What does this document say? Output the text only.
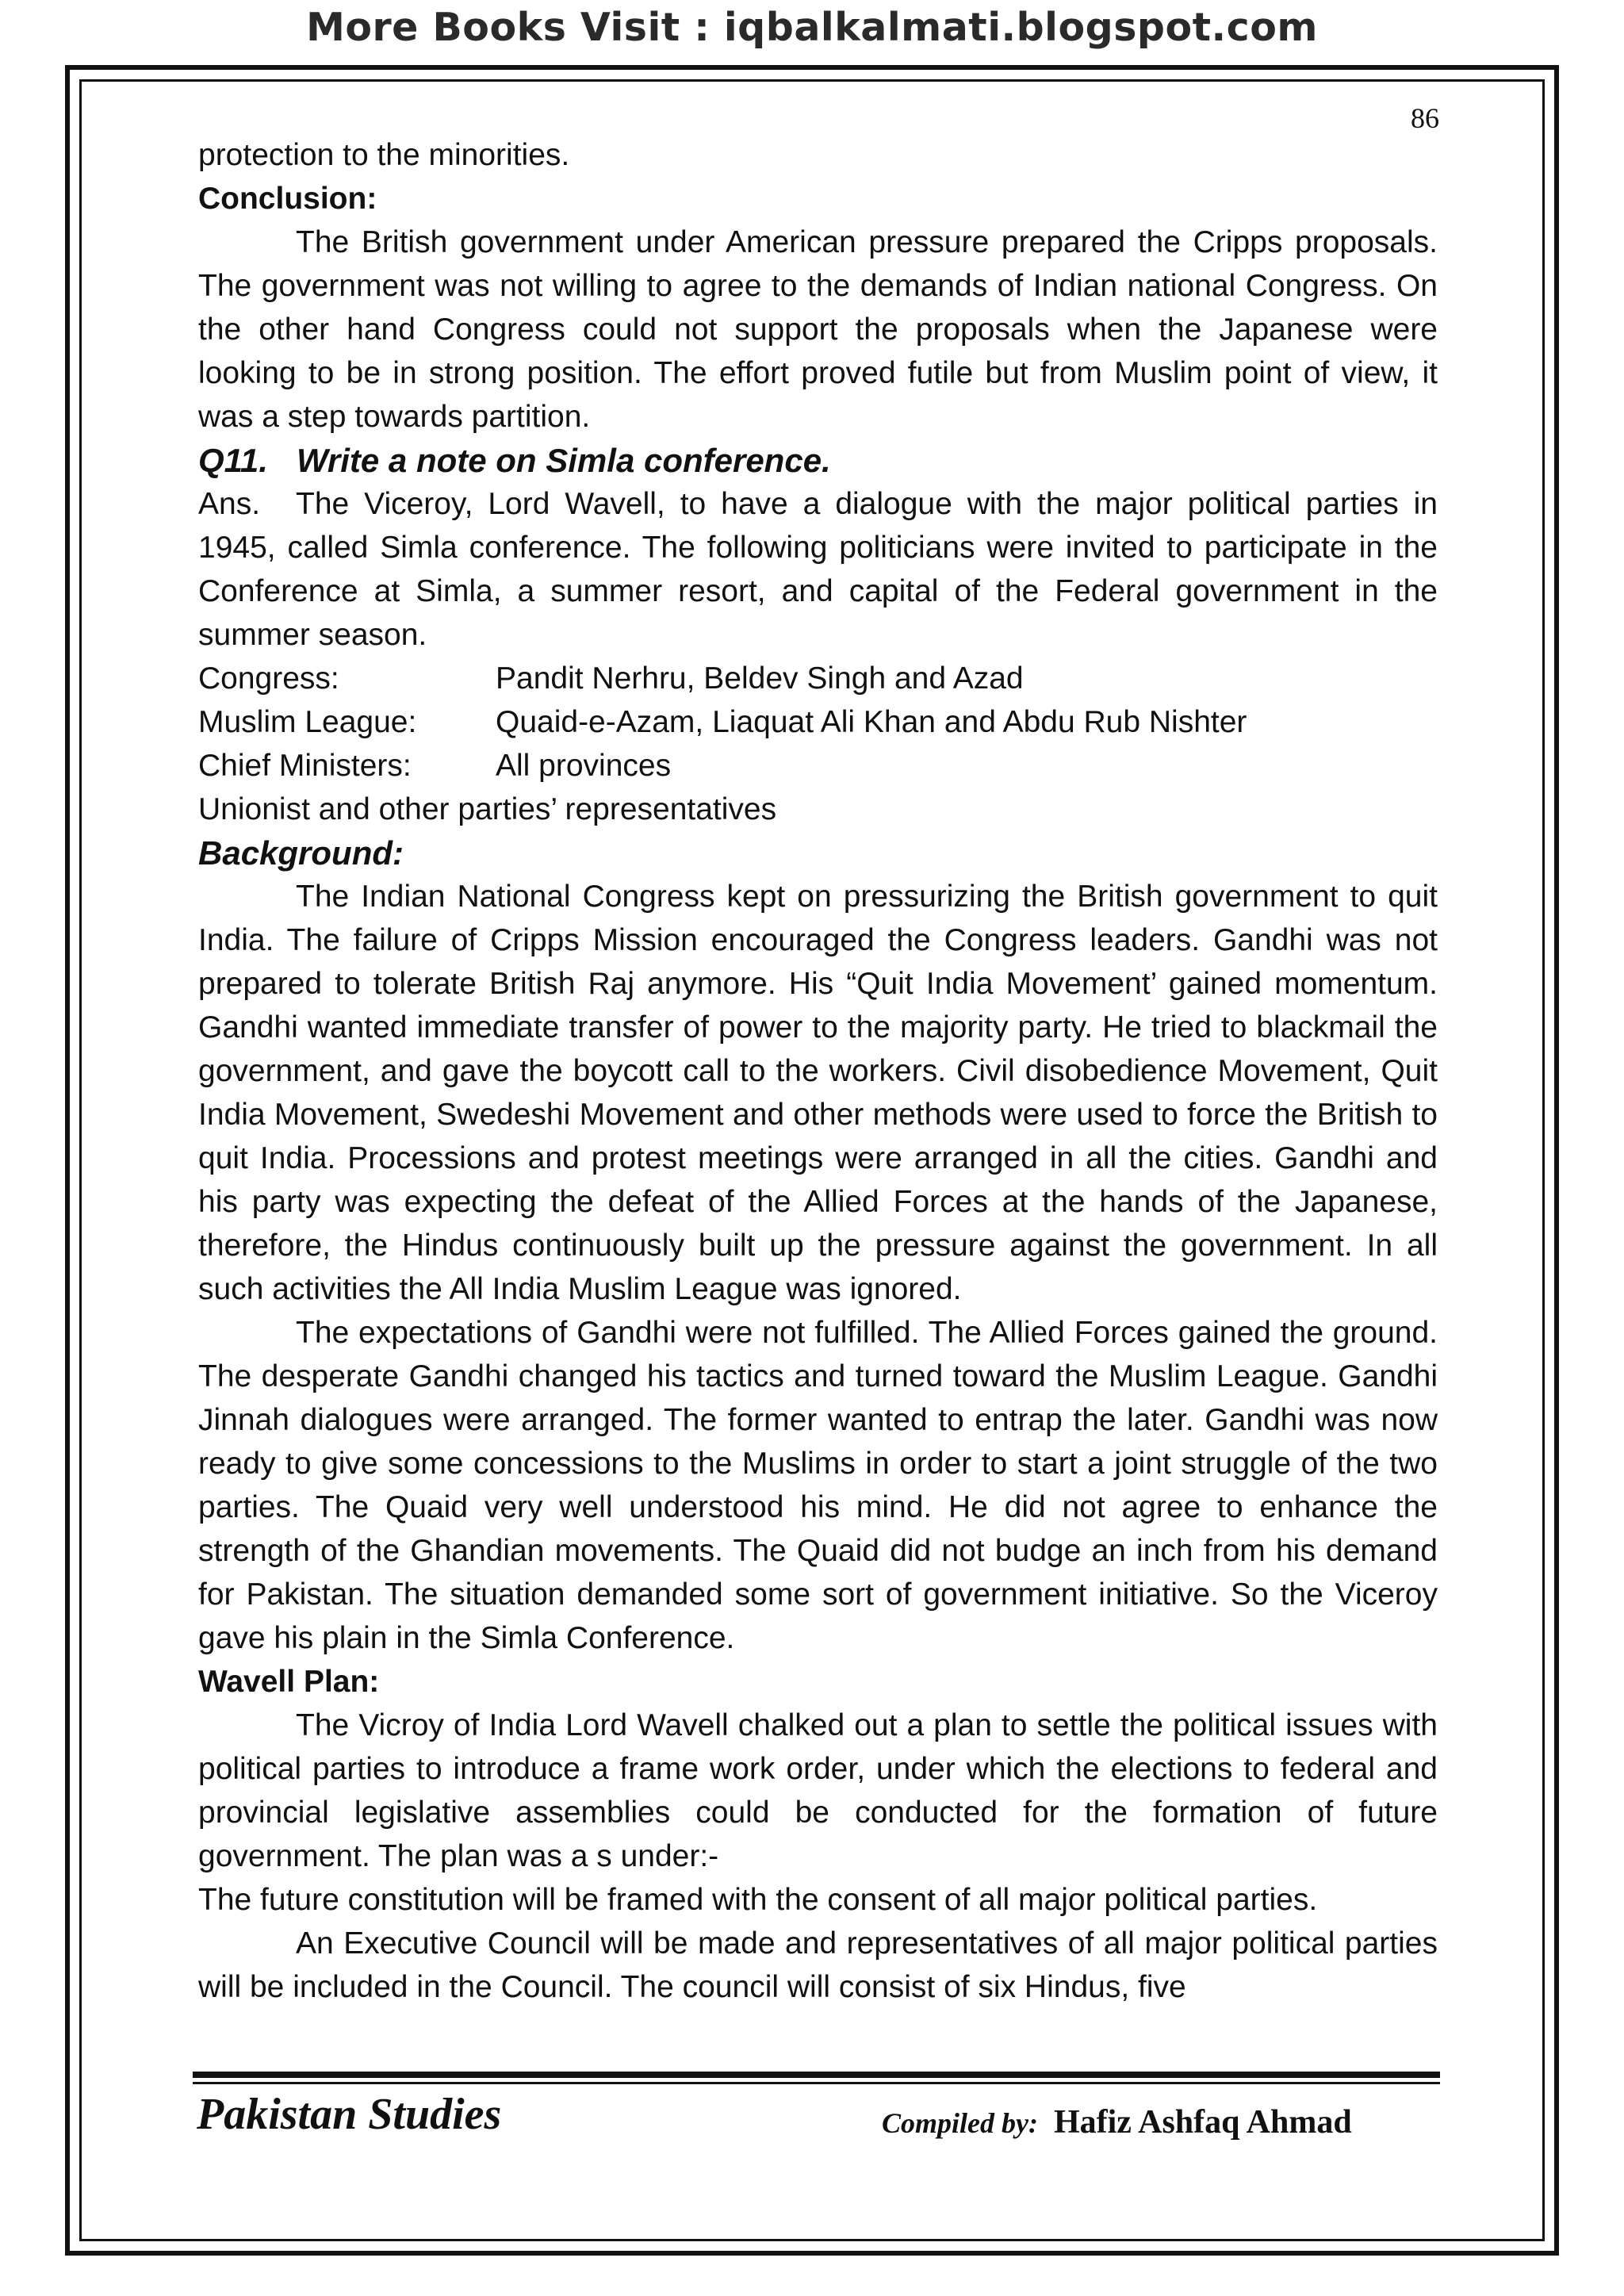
More Books Visit : iqbalkalmati.blogspot.com
86

protection to the minorities.

Conclusion:

The British government under American pressure prepared the Cripps proposals. The government was not willing to agree to the demands of Indian national Congress. On the other hand Congress could not support the proposals when the Japanese were looking to be in strong position. The effort proved futile but from Muslim point of view, it was a step towards partition.

Q11. Write a note on Simla conference.

Ans. The Viceroy, Lord Wavell, to have a dialogue with the major political parties in 1945, called Simla conference. The following politicians were invited to participate in the Conference at Simla, a summer resort, and capital of the Federal government in the summer season.

Congress:	Pandit Nerhru, Beldev Singh and Azad
Muslim League:	Quaid-e-Azam, Liaquat Ali Khan and Abdu Rub Nishter
Chief Ministers:	All provinces

Unionist and other parties’ representatives

Background:

The Indian National Congress kept on pressurizing the British government to quit India. The failure of Cripps Mission encouraged the Congress leaders. Gandhi was not prepared to tolerate British Raj anymore. His “Quit India Movement’ gained momentum. Gandhi wanted immediate transfer of power to the majority party. He tried to blackmail the government, and gave the boycott call to the workers. Civil disobedience Movement, Quit India Movement, Swedeshi Movement and other methods were used to force the British to quit India. Processions and protest meetings were arranged in all the cities. Gandhi and his party was expecting the defeat of the Allied Forces at the hands of the Japanese, therefore, the Hindus continuously built up the pressure against the government. In all such activities the All India Muslim League was ignored.

The expectations of Gandhi were not fulfilled. The Allied Forces gained the ground. The desperate Gandhi changed his tactics and turned toward the Muslim League. Gandhi Jinnah dialogues were arranged. The former wanted to entrap the later. Gandhi was now ready to give some concessions to the Muslims in order to start a joint struggle of the two parties. The Quaid very well understood his mind. He did not agree to enhance the strength of the Ghandian movements. The Quaid did not budge an inch from his demand for Pakistan. The situation demanded some sort of government initiative. So the Viceroy gave his plain in the Simla Conference.

Wavell Plan:

The Vicroy of India Lord Wavell chalked out a plan to settle the political issues with political parties to introduce a frame work order, under which the elections to federal and provincial legislative assemblies could be conducted for the formation of future government. The plan was a s under:-

The future constitution will be framed with the consent of all major political parties.

An Executive Council will be made and representatives of all major political parties will be included in the Council. The council will consist of six Hindus, five

Pakistan Studies	Compiled by: Hafiz Ashfaq Ahmad
